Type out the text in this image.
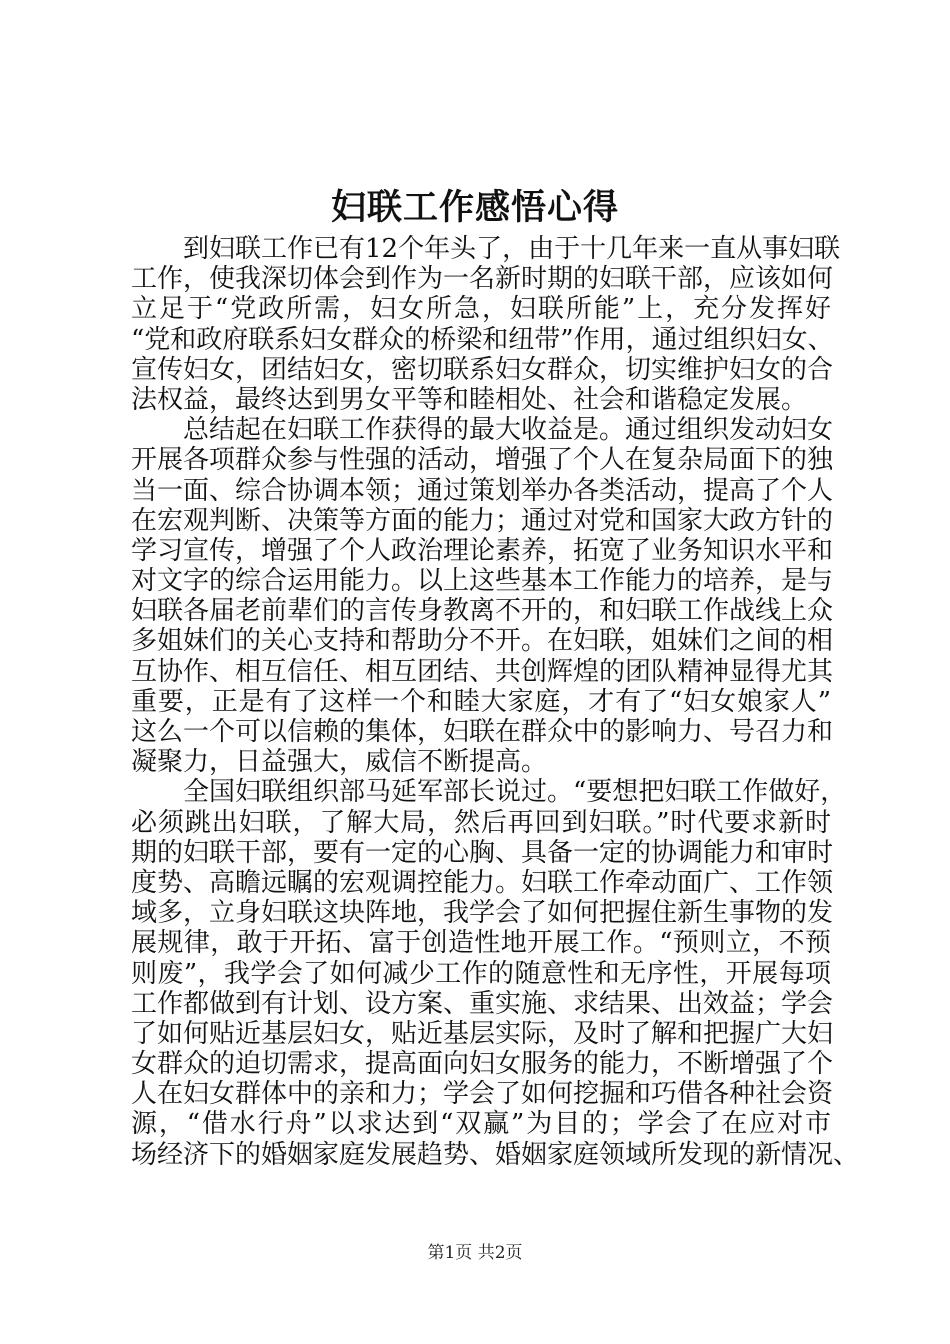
妇联工作感悟心得
到妇联工作已有12个年头了，由于十几年来一直从事妇联
工作，使我深切体会到作为一名新时期的妇联干部，应该如何
立足于“党政所需，妇女所急，妇联所能”上，充分发挥好
“党和政府联系妇女群众的桥梁和纽带”作用，通过组织妇女、
宣传妇女，团结妇女，密切联系妇女群众，切实维护妇女的合
法权益，最终达到男女平等和睦相处、社会和谐稳定发展。
总结起在妇联工作获得的最大收益是。通过组织发动妇女
开展各项群众参与性强的活动，增强了个人在复杂局面下的独
当一面、综合协调本领；通过策划举办各类活动，提高了个人
在宏观判断、决策等方面的能力；通过对党和国家大政方针的
学习宣传，增强了个人政治理论素养，拓宽了业务知识水平和
对文字的综合运用能力。以上这些基本工作能力的培养，是与
妇联各届老前辈们的言传身教离不开的，和妇联工作战线上众
多姐妹们的关心支持和帮助分不开。在妇联，姐妹们之间的相
互协作、相互信任、相互团结、共创辉煌的团队精神显得尤其
重要，正是有了这样一个和睦大家庭，才有了“妇女娘家人”
这么一个可以信赖的集体，妇联在群众中的影响力、号召力和
凝聚力，日益强大，威信不断提高。
全国妇联组织部马延军部长说过。“要想把妇联工作做好，
必须跳出妇联，了解大局，然后再回到妇联。”时代要求新时
期的妇联干部，要有一定的心胸、具备一定的协调能力和审时
度势、高瞻远瞩的宏观调控能力。妇联工作牵动面广、工作领
域多，立身妇联这块阵地，我学会了如何把握住新生事物的发
展规律，敢于开拓、富于创造性地开展工作。“预则立，不预
则废”，我学会了如何减少工作的随意性和无序性，开展每项
工作都做到有计划、设方案、重实施、求结果、出效益；学会
了如何贴近基层妇女，贴近基层实际，及时了解和把握广大妇
女群众的迫切需求，提高面向妇女服务的能力，不断增强了个
人在妇女群体中的亲和力；学会了如何挖掘和巧借各种社会资
源，“借水行舟”以求达到“双赢”为目的；学会了在应对市
场经济下的婚姻家庭发展趋势、婚姻家庭领域所发现的新情况、
第1页 共2页
